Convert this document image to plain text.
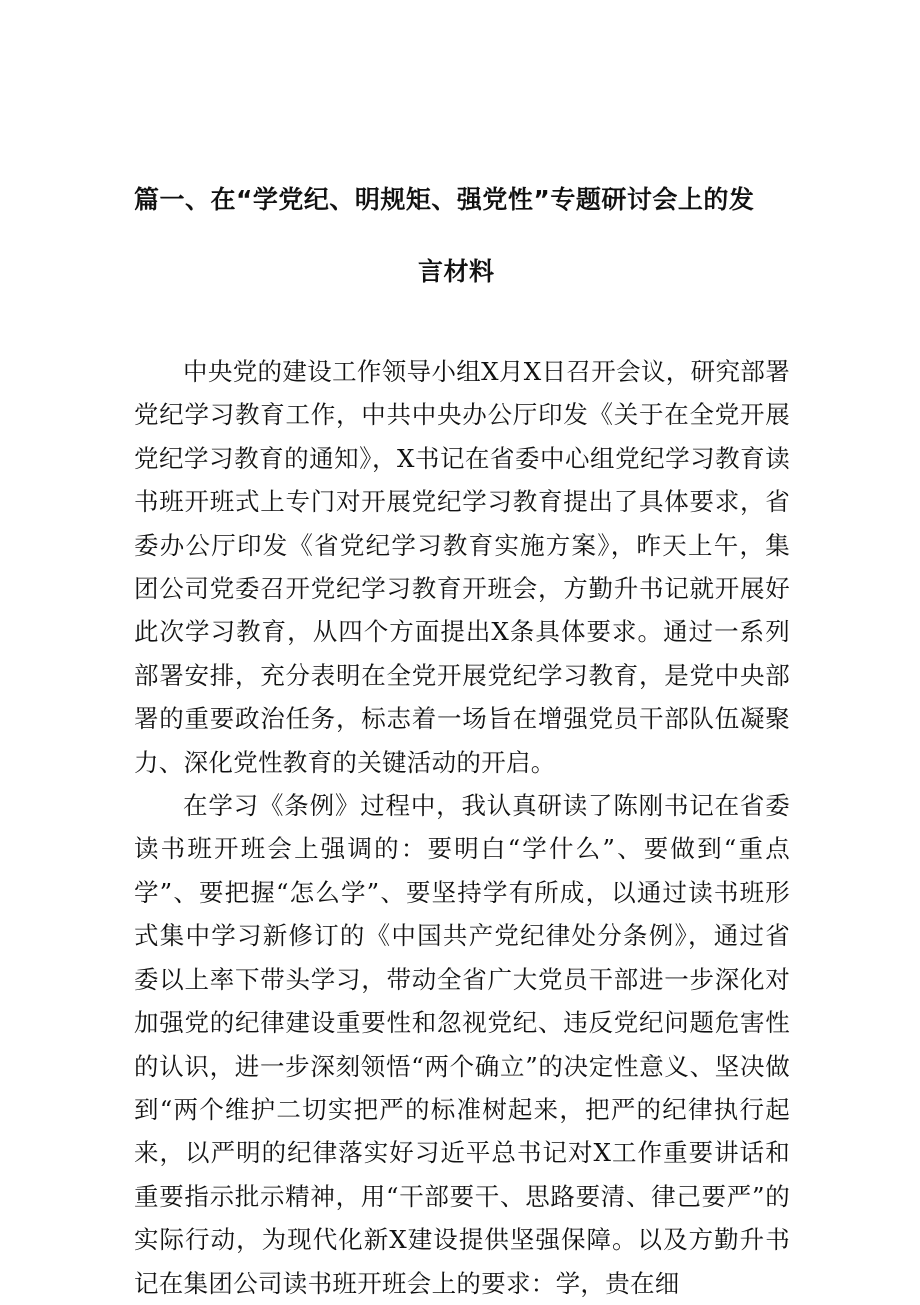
篇一、在“学党纪、明规矩、强党性”专题研讨会上的发
言材料

中央党的建设工作领导小组X月X日召开会议，研究部署党纪学习教育工作，中共中央办公厅印发《关于在全党开展党纪学习教育的通知》，X书记在省委中心组党纪学习教育读书班开班式上专门对开展党纪学习教育提出了具体要求，省委办公厅印发《省党纪学习教育实施方案》，昨天上午，集团公司党委召开党纪学习教育开班会，方勤升书记就开展好此次学习教育，从四个方面提出X条具体要求。通过一系列部署安排，充分表明在全党开展党纪学习教育，是党中央部署的重要政治任务，标志着一场旨在增强党员干部队伍凝聚力、深化党性教育的关键活动的开启。

在学习《条例》过程中，我认真研读了陈刚书记在省委读书班开班会上强调的：要明白“学什么”、要做到“重点学”、要把握“怎么学”、要坚持学有所成，以通过读书班形式集中学习新修订的《中国共产党纪律处分条例》，通过省委以上率下带头学习，带动全省广大党员干部进一步深化对加强党的纪律建设重要性和忽视党纪、违反党纪问题危害性的认识，进一步深刻领悟“两个确立”的决定性意义、坚决做到“两个维护二切实把严的标准树起来，把严的纪律执行起来，以严明的纪律落实好习近平总书记对X工作重要讲话和重要指示批示精神，用“干部要干、思路要清、律己要严”的实际行动，为现代化新X建设提供坚强保障。以及方勤升书记在集团公司读书班开班会上的要求：学，贵在细
